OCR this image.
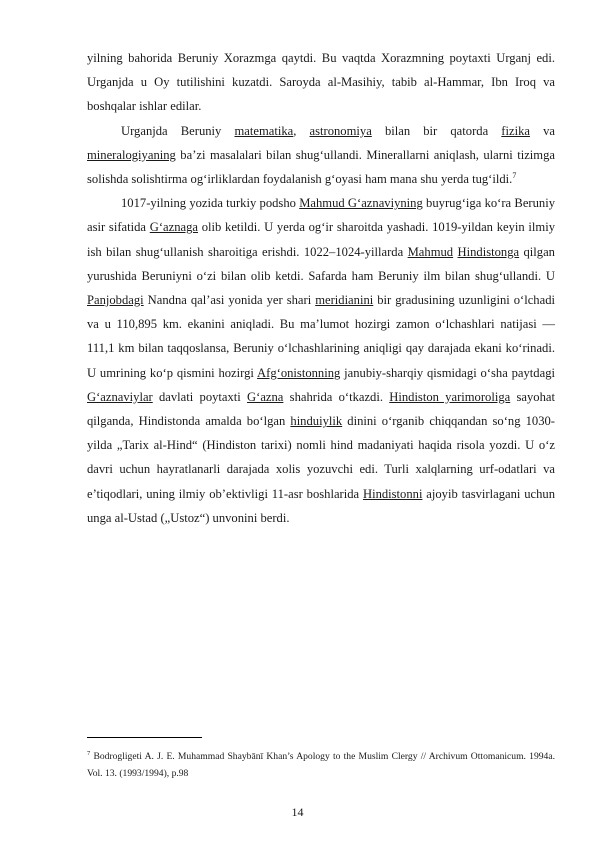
yilning bahorida Beruniy Xorazmga qaytdi. Bu vaqtda Xorazmning poytaxti Urganj edi. Urganjda u Oy tutilishini kuzatdi. Saroyda al-Masihiy, tabib al-Hammar, Ibn Iroq va boshqalar ishlar edilar.

Urganjda Beruniy matematika, astronomiya bilan bir qatorda fizika va mineralogiyaning ba’zi masalalari bilan shug‘ullandi. Minerallarni aniqlash, ularni tizimga solishda solishtirma og‘irliklardan foydalanish g‘oyasi ham mana shu yerda tug‘ildi.$^7$

1017-yilning yozida turkiy podsho Mahmud G‘aznaviyning buyrug‘iga ko‘ra Beruniy asir sifatida G‘aznaga olib ketildi. U yerda og‘ir sharoitda yashadi. 1019-yildan keyin ilmiy ish bilan shug‘ullanish sharoitiga erishdi. 1022–1024-yillarda Mahmud Hindistonga qilgan yurushida Beruniyni o‘zi bilan olib ketdi. Safarda ham Beruniy ilm bilan shug‘ullandi. U Panjobdagi Nandna qal’asi yonida yer shari meridianini bir gradusining uzunligini o‘lchadi va u 110,895 km. ekanini aniqladi. Bu ma’lumot hozirgi zamon o‘lchashlari natijasi — 111,1 km bilan taqqoslansa, Beruniy o‘lchashlarining aniqligi qay darajada ekani ko‘rinadi. U umrining ko‘p qismini hozirgi Afg‘onistonning janubiy-sharqiy qismidagi o‘sha paytdagi G‘aznaviylar davlati poytaxti G‘azna shahrida o‘tkazdi. Hindiston yarimoroliga sayohat qilganda, Hindistonda amalda bo‘lgan hinduiylik dinini o‘rganib chiqqandan so‘ng 1030-yilda „Tarix al-Hind“ (Hindiston tarixi) nomli hind madaniyati haqida risola yozdi. U o‘z davri uchun hayratlanarli darajada xolis yozuvchi edi. Turli xalqlarning urf-odatlari va e’tiqodlari, uning ilmiy ob’ektivligi 11-asr boshlarida Hindistonni ajoyib tasvirlagani uchun unga al-Ustad („Ustoz“) unvonini berdi.

$^7$ Bodrogligeti A. J. E. Muhammad Shaybānī Khan’s Apology to the Muslim Clergy // Archivum Ottomanicum. 1994a. Vol. 13. (1993/1994), p.98
14
